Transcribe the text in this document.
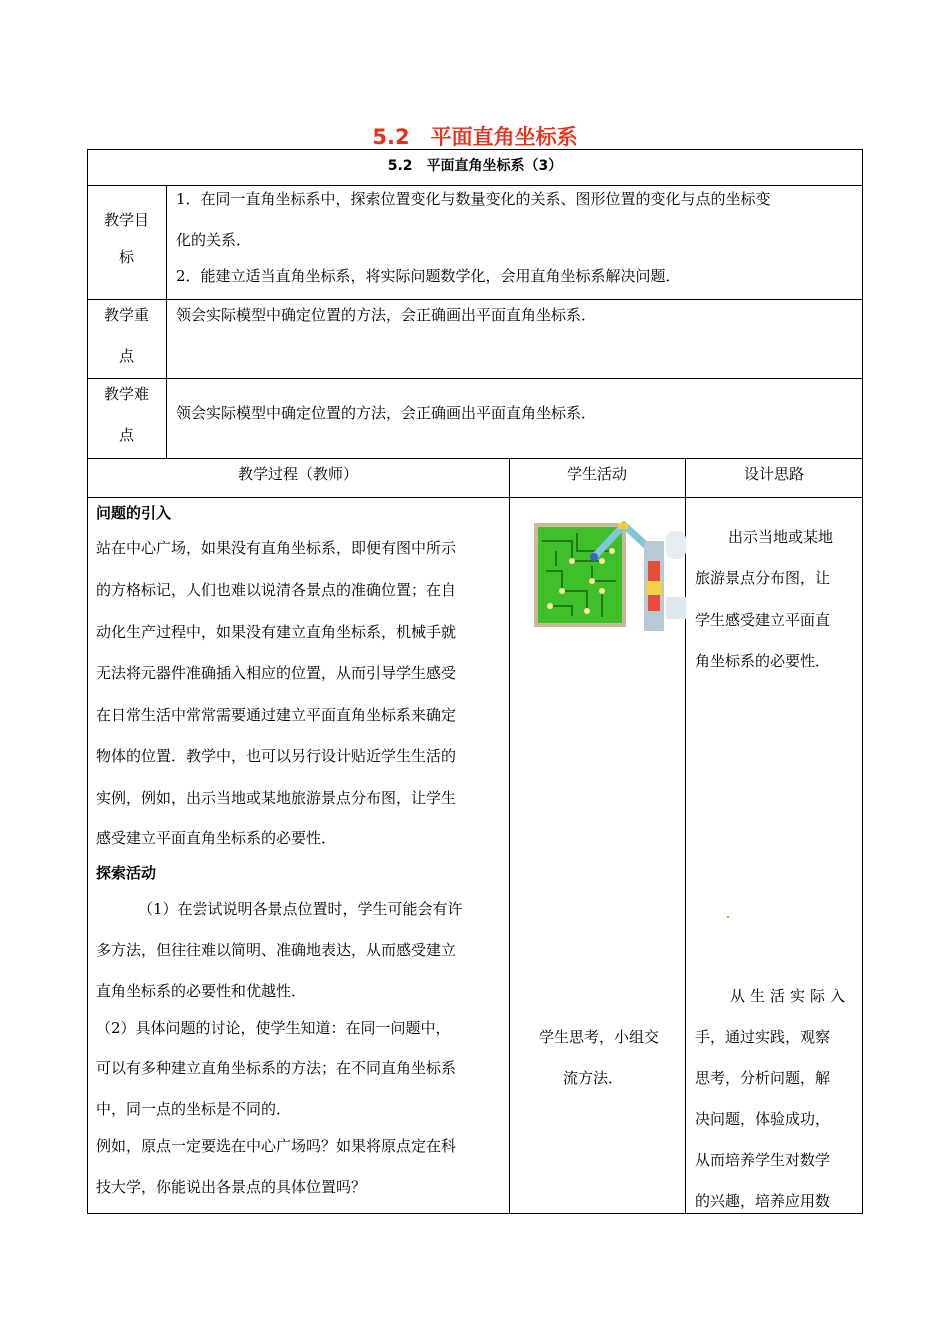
5.2　平面直角坐标系
5.2　平面直角坐标系（3）
教学目
标
1．在同一直角坐标系中，探索位置变化与数量变化的关系、图形位置的变化与点的坐标变
化的关系．
2．能建立适当直角坐标系，将实际问题数学化，会用直角坐标系解决问题．
教学重
点
领会实际模型中确定位置的方法，会正确画出平面直角坐标系．
教学难
点
领会实际模型中确定位置的方法，会正确画出平面直角坐标系．
教学过程（教师）	学生活动	设计思路
问题的引入
站在中心广场，如果没有直角坐标系，即便有图中所示
的方格标记，人们也难以说清各景点的准确位置；在自
动化生产过程中，如果没有建立直角坐标系，机械手就
无法将元器件准确插入相应的位置，从而引导学生感受
在日常生活中常常需要通过建立平面直角坐标系来确定
物体的位置．教学中，也可以另行设计贴近学生生活的
实例，例如，出示当地或某地旅游景点分布图，让学生
感受建立平面直角坐标系的必要性．
探索活动
（1）在尝试说明各景点位置时，学生可能会有许
多方法，但往往难以简明、准确地表达，从而感受建立
直角坐标系的必要性和优越性．
（2）具体问题的讨论，使学生知道：在同一问题中，
可以有多种建立直角坐标系的方法；在不同直角坐标系
中，同一点的坐标是不同的．
例如，原点一定要选在中心广场吗？如果将原点定在科
技大学，你能说出各景点的具体位置吗？
学生思考，小组交
流方法．
出示当地或某地
旅游景点分布图，让
学生感受建立平面直
角坐标系的必要性．
从生活实际入
手，通过实践，观察
思考，分析问题，解
决问题，体验成功，
从而培养学生对数学
的兴趣，培养应用数
